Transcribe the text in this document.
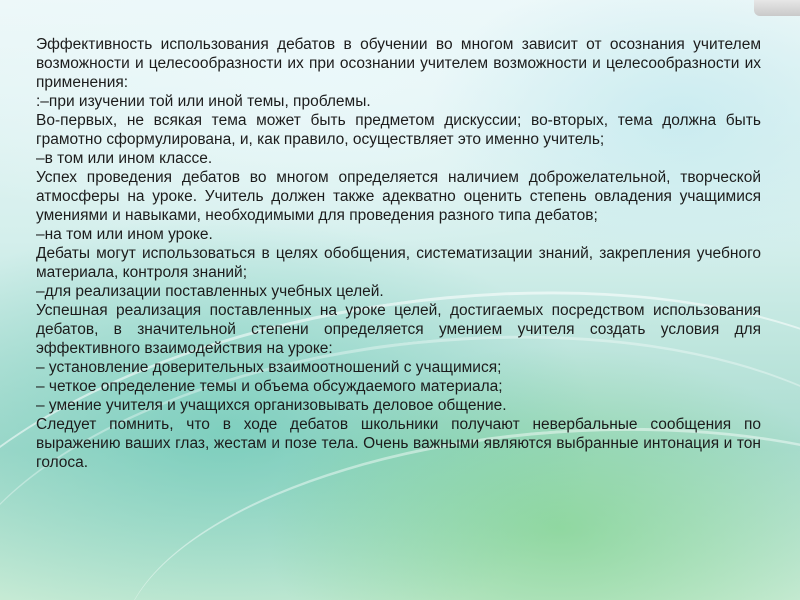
Эффективность использования дебатов в обучении во многом зависит от осознания учителем возможности и целесообразности их при осознании учителем возможности и целесообразности их применения:

:–при изучении той или иной темы, проблемы.

Во-первых, не всякая тема может быть предметом дискуссии; во-вторых, тема должна быть грамотно сформулирована, и, как правило, осуществляет это именно учитель;

–в том или ином классе.

Успех проведения дебатов во многом определяется наличием доброжелательной, творческой атмосферы на уроке. Учитель должен также адекватно оценить степень овладения учащимися умениями и навыками, необходимыми для проведения разного типа дебатов;

–на том или ином уроке.

Дебаты могут использоваться в целях обобщения, систематизации знаний, закрепления учебного материала, контроля знаний;

–для реализации поставленных учебных целей.

Успешная реализация поставленных на уроке целей, достигаемых посредством использования дебатов, в значительной степени определяется умением учителя создать условия для эффективного взаимодействия на уроке:

– установление доверительных взаимоотношений с учащимися;

– четкое определение темы и объема обсуждаемого материала;

– умение учителя и учащихся организовывать деловое общение.

Следует помнить, что в ходе дебатов школьники получают невербальные сообщения по выражению ваших глаз, жестам и позе тела. Очень важными являются выбранные интонация и тон голоса.
